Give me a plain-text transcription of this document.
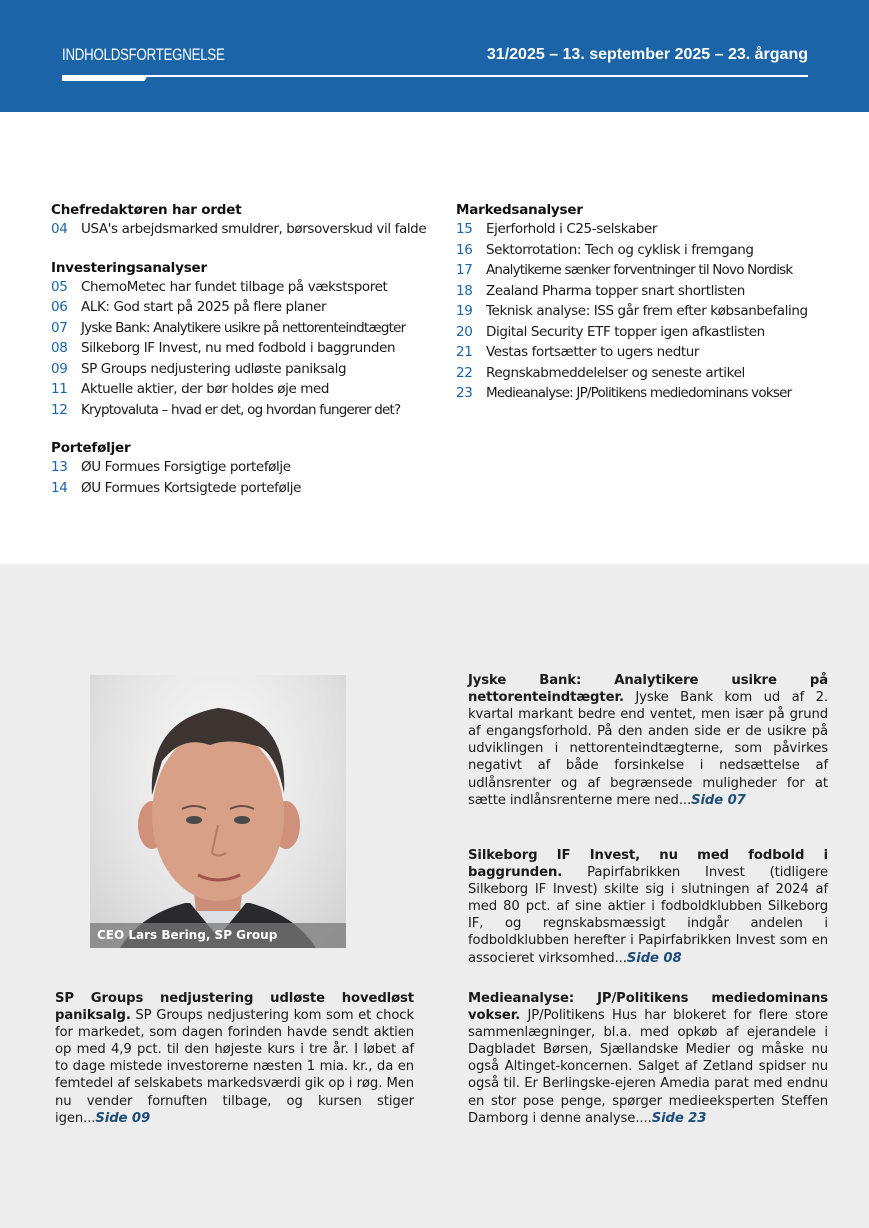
INDHOLDSFORTEGNELSE	31/2025 – 13. september 2025 – 23. årgang
Chefredaktøren har ordet
04	USA's arbejdsmarked smuldrer, børsoverskud vil falde
Investeringsanalyser
05	ChemoMetec har fundet tilbage på vækstsporet
06	ALK: God start på 2025 på flere planer
07	Jyske Bank: Analytikere usikre på nettorenteindtægter
08	Silkeborg IF Invest, nu med fodbold i baggrunden
09	SP Groups nedjustering udløste paniksalg
11	Aktuelle aktier, der bør holdes øje med
12	Kryptovaluta – hvad er det, og hvordan fungerer det?
Porteføljer
13	ØU Formues Forsigtige portefølje
14	ØU Formues Kortsigtede portefølje
Markedsanalyser
15	Ejerforhold i C25-selskaber
16	Sektorrotation: Tech og cyklisk i fremgang
17	Analytikerne sænker forventninger til Novo Nordisk
18	Zealand Pharma topper snart shortlisten
19	Teknisk analyse: ISS går frem efter købsanbefaling
20	Digital Security ETF topper igen afkastlisten
21	Vestas fortsætter to ugers nedtur
22	Regnskabmeddelelser og seneste artikel
23	Medieanalyse: JP/Politikens mediedominans vokser
CEO Lars Bering, SP Group
Jyske Bank: Analytikere usikre på nettorenteindtægter. Jyske Bank kom ud af 2. kvartal markant bedre end ventet, men især på grund af engangsforhold. På den anden side er de usikre på udviklingen i nettorenteindtægterne, som påvirkes negativt af både forsinkelse i nedsættelse af udlånsrenter og af begrænsede muligheder for at sætte indlånsrenterne mere ned...Side 07
Silkeborg IF Invest, nu med fodbold i baggrunden. Papirfabrikken Invest (tidligere Silkeborg IF Invest) skilte sig i slutningen af 2024 af med 80 pct. af sine aktier i fodboldklubben Silkeborg IF, og regnskabsmæssigt indgår andelen i fodboldklubben herefter i Papirfabrikken Invest som en associeret virksomhed...Side 08
Medieanalyse: JP/Politikens mediedominans vokser. JP/Politikens Hus har blokeret for flere store sammenlægninger, bl.a. med opkøb af ejerandele i Dagbladet Børsen, Sjællandske Medier og måske nu også Altinget-koncernen. Salget af Zetland spidser nu også til. Er Berlingske-ejeren Amedia parat med endnu en stor pose penge, spørger medieeksperten Steffen Damborg i denne analyse....Side 23
SP Groups nedjustering udløste hovedløst paniksalg. SP Groups nedjustering kom som et chock for markedet, som dagen forinden havde sendt aktien op med 4,9 pct. til den højeste kurs i tre år. I løbet af to dage mistede investorerne næsten 1 mia. kr., da en femtedel af selskabets markedsværdi gik op i røg. Men nu vender fornuften tilbage, og kursen stiger igen...Side 09
